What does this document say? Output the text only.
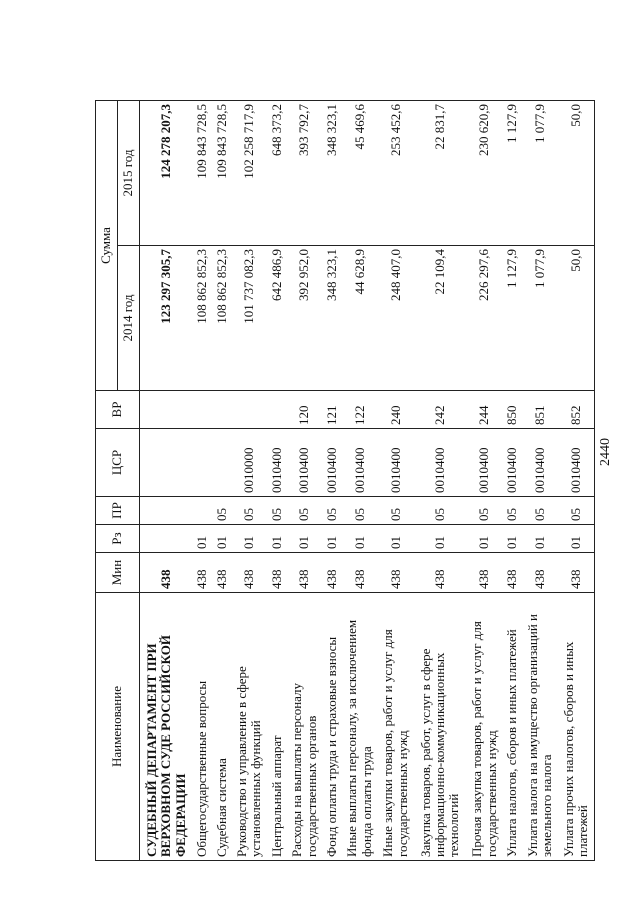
2440
Наименование	Мин	Рз	ПР	ЦСР	ВР	Сумма	
						2014 год	2015 год
СУДЕБНЫЙ ДЕПАРТАМЕНТ ПРИ ВЕРХОВНОМ СУДЕ РОССИЙСКОЙ ФЕДЕРАЦИИ	438					123 297 305,7	124 278 207,3
Общегосударственные вопросы	438	01				108 862 852,3	109 843 728,5
Судебная система	438	01	05			108 862 852,3	109 843 728,5
Руководство и управление в сфере установленных функций	438	01	05	0010000		101 737 082,3	102 258 717,9
Центральный аппарат	438	01	05	0010400		642 486,9	648 373,2
Расходы на выплаты персоналу государственных органов	438	01	05	0010400	120	392 952,0	393 792,7
Фонд оплаты труда и страховые взносы	438	01	05	0010400	121	348 323,1	348 323,1
Иные выплаты персоналу, за исключением фонда оплаты труда	438	01	05	0010400	122	44 628,9	45 469,6
Иные закупки товаров, работ и услуг для государственных нужд	438	01	05	0010400	240	248 407,0	253 452,6
Закупка товаров, работ, услуг в сфере информационно-коммуникационных технологий	438	01	05	0010400	242	22 109,4	22 831,7
Прочая закупка товаров, работ и услуг для государственных нужд	438	01	05	0010400	244	226 297,6	230 620,9
Уплата налогов, сборов и иных платежей	438	01	05	0010400	850	1 127,9	1 127,9
Уплата налога на имущество организаций и земельного налога	438	01	05	0010400	851	1 077,9	1 077,9
Уплата прочих налогов, сборов и иных платежей	438	01	05	0010400	852	50,0	50,0
